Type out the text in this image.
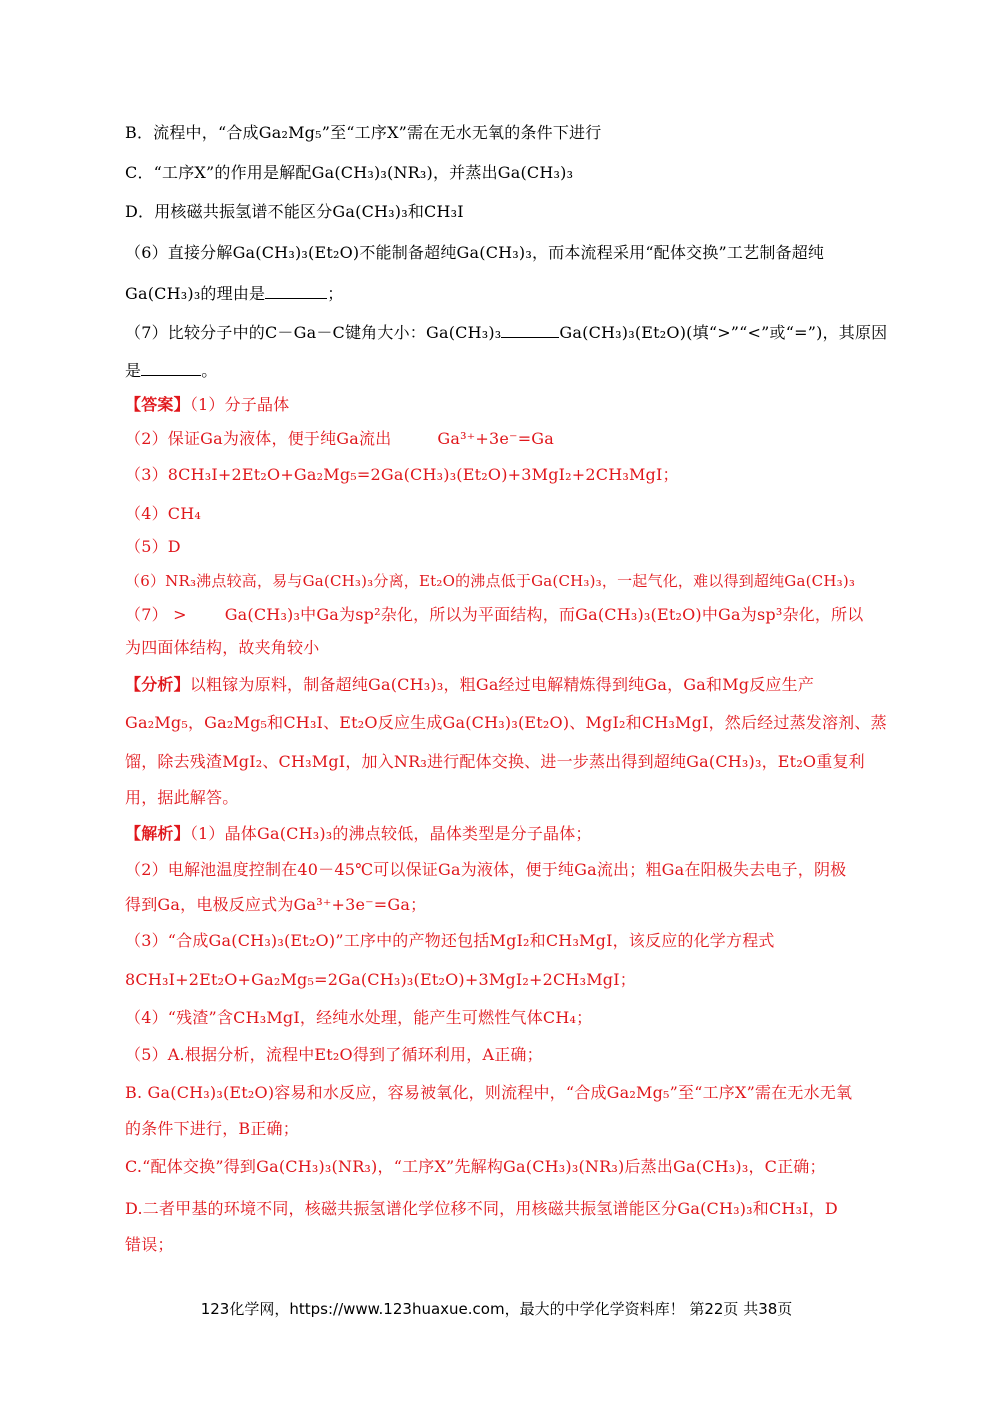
B．流程中，“合成Ga₂Mg₅”至“工序X”需在无水无氧的条件下进行
C．“工序X”的作用是解配Ga(CH₃)₃(NR₃)，并蒸出Ga(CH₃)₃
D．用核磁共振氢谱不能区分Ga(CH₃)₃和CH₃I
（6）直接分解Ga(CH₃)₃(Et₂O)不能制备超纯Ga(CH₃)₃，而本流程采用“配体交换”工艺制备超纯
Ga(CH₃)₃的理由是	；
（7）比较分子中的C－Ga－C键角大小：Ga(CH₃)₃	Ga(CH₃)₃(Et₂O)(填“>”“<”或“=”)，其原因
是	。
【答案】（1）分子晶体
（2）保证Ga为液体，便于纯Ga流出	Ga³⁺+3e⁻=Ga
（3）8CH₃I+2Et₂O+Ga₂Mg₅=2Ga(CH₃)₃(Et₂O)+3MgI₂+2CH₃MgI；
（4）CH₄
（5）D
（6）NR₃沸点较高，易与Ga(CH₃)₃分离，Et₂O的沸点低于Ga(CH₃)₃，一起气化，难以得到超纯Ga(CH₃)₃
（7） > Ga(CH₃)₃中Ga为sp²杂化，所以为平面结构，而Ga(CH₃)₃(Et₂O)中Ga为sp³杂化，所以
为四面体结构，故夹角较小
【分析】以粗镓为原料，制备超纯Ga(CH₃)₃，粗Ga经过电解精炼得到纯Ga，Ga和Mg反应生产
Ga₂Mg₅，Ga₂Mg₅和CH₃I、Et₂O反应生成Ga(CH₃)₃(Et₂O)、MgI₂和CH₃MgI，然后经过蒸发溶剂、蒸
馏，除去残渣MgI₂、CH₃MgI，加入NR₃进行配体交换、进一步蒸出得到超纯Ga(CH₃)₃，Et₂O重复利
用，据此解答。
【解析】（1）晶体Ga(CH₃)₃的沸点较低，晶体类型是分子晶体；
（2）电解池温度控制在40－45℃可以保证Ga为液体，便于纯Ga流出；粗Ga在阳极失去电子，阴极
得到Ga，电极反应式为Ga³⁺+3e⁻=Ga；
（3）“合成Ga(CH₃)₃(Et₂O)”工序中的产物还包括MgI₂和CH₃MgI，该反应的化学方程式
8CH₃I+2Et₂O+Ga₂Mg₅=2Ga(CH₃)₃(Et₂O)+3MgI₂+2CH₃MgI；
（4）“残渣”含CH₃MgI，经纯水处理，能产生可燃性气体CH₄；
（5）A.根据分析，流程中Et₂O得到了循环利用，A正确；
B. Ga(CH₃)₃(Et₂O)容易和水反应，容易被氧化，则流程中，“合成Ga₂Mg₅”至“工序X”需在无水无氧
的条件下进行，B正确；
C.“配体交换”得到Ga(CH₃)₃(NR₃)，“工序X”先解构Ga(CH₃)₃(NR₃)后蒸出Ga(CH₃)₃，C正确；
D.二者甲基的环境不同，核磁共振氢谱化学位移不同，用核磁共振氢谱能区分Ga(CH₃)₃和CH₃I，D
错误；
123化学网，https://www.123huaxue.com，最大的中学化学资料库！ 第22页 共38页
